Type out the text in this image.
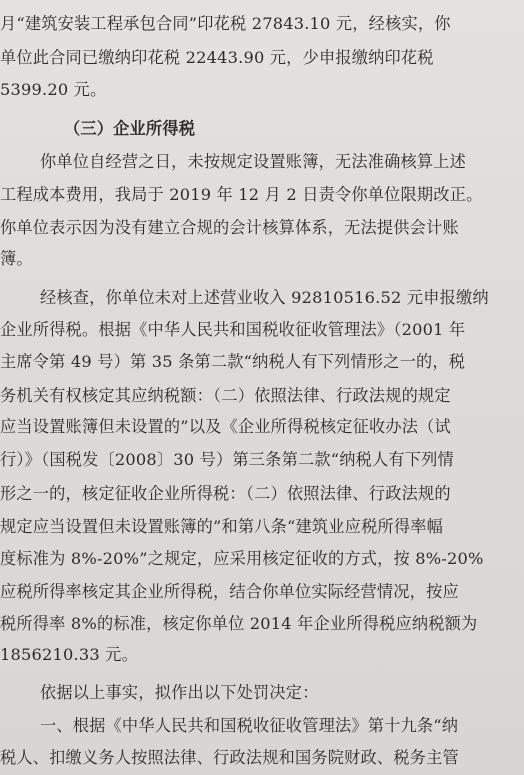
月“建筑安装工程承包合同”印花税 27843.10 元，经核实，你
单位此合同已缴纳印花税 22443.90 元，少申报缴纳印花税
5399.20 元。
（三）企业所得税
你单位自经营之日，未按规定设置账簿，无法准确核算上述
工程成本费用，我局于 2019 年 12 月 2 日责令你单位限期改正。
你单位表示因为没有建立合规的会计核算体系，无法提供会计账
簿。
经核查，你单位未对上述营业收入 92810516.52 元申报缴纳
企业所得税。根据《中华人民共和国税收征收管理法》（2001 年
主席令第 49 号）第 35 条第二款“纳税人有下列情形之一的，税
务机关有权核定其应纳税额：（二）依照法律、行政法规的规定
应当设置账簿但未设置的”以及《企业所得税核定征收办法（试
行）》（国税发〔2008〕30 号）第三条第二款“纳税人有下列情
形之一的，核定征收企业所得税：（二）依照法律、行政法规的
规定应当设置但未设置账簿的”和第八条“建筑业应税所得率幅
度标准为 8%-20%”之规定，应采用核定征收的方式，按 8%-20%
应税所得率核定其企业所得税，结合你单位实际经营情况，按应
税所得率 8%的标准，核定你单位 2014 年企业所得税应纳税额为
1856210.33 元。
依据以上事实，拟作出以下处罚决定：
一、根据《中华人民共和国税收征收管理法》第十九条“纳
税人、扣缴义务人按照法律、行政法规和国务院财政、税务主管
